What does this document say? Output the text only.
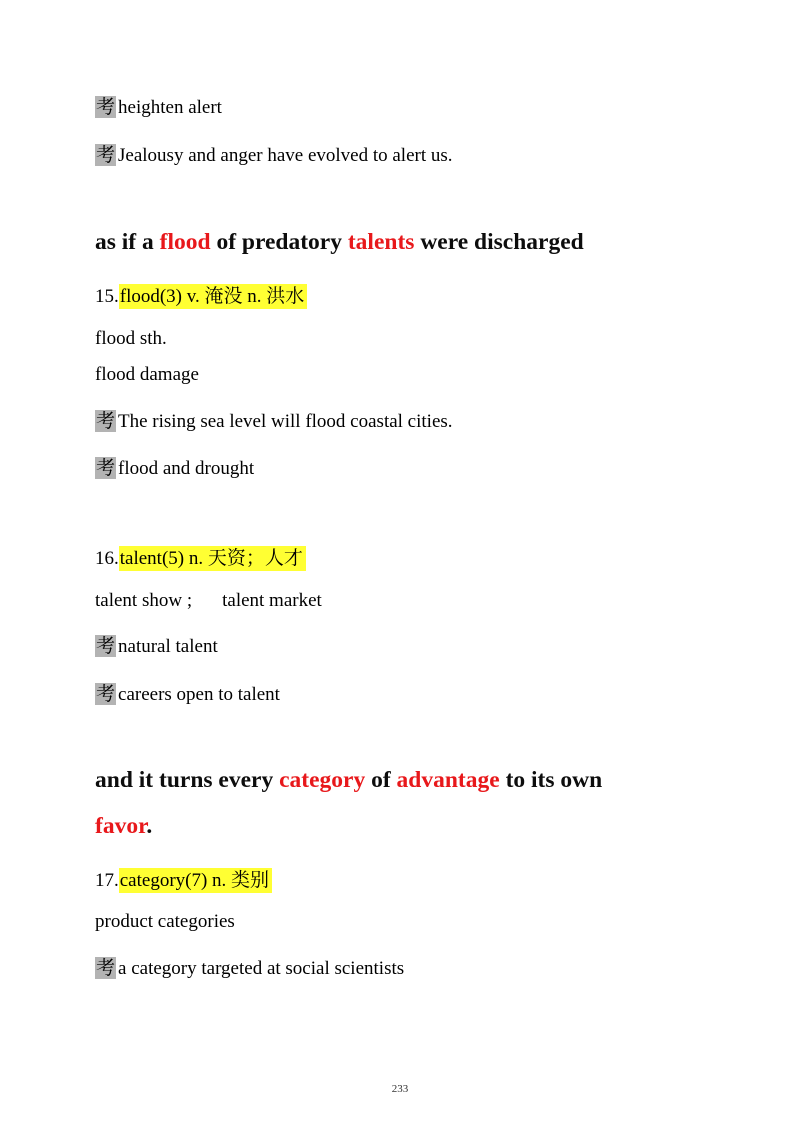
考 heighten alert
考 Jealousy and anger have evolved to alert us.
as if a flood of predatory talents were discharged
15.flood(3) v. 淹没 n. 洪水
flood sth.
flood damage
考 The rising sea level will flood coastal cities.
考 flood and drought
16.talent(5) n. 天资；人才
talent show ; talent market
考 natural talent
考 careers open to talent
and it turns every category of advantage to its own
favor.
17.category(7) n. 类别
product categories
考 a category targeted at social scientists
233
